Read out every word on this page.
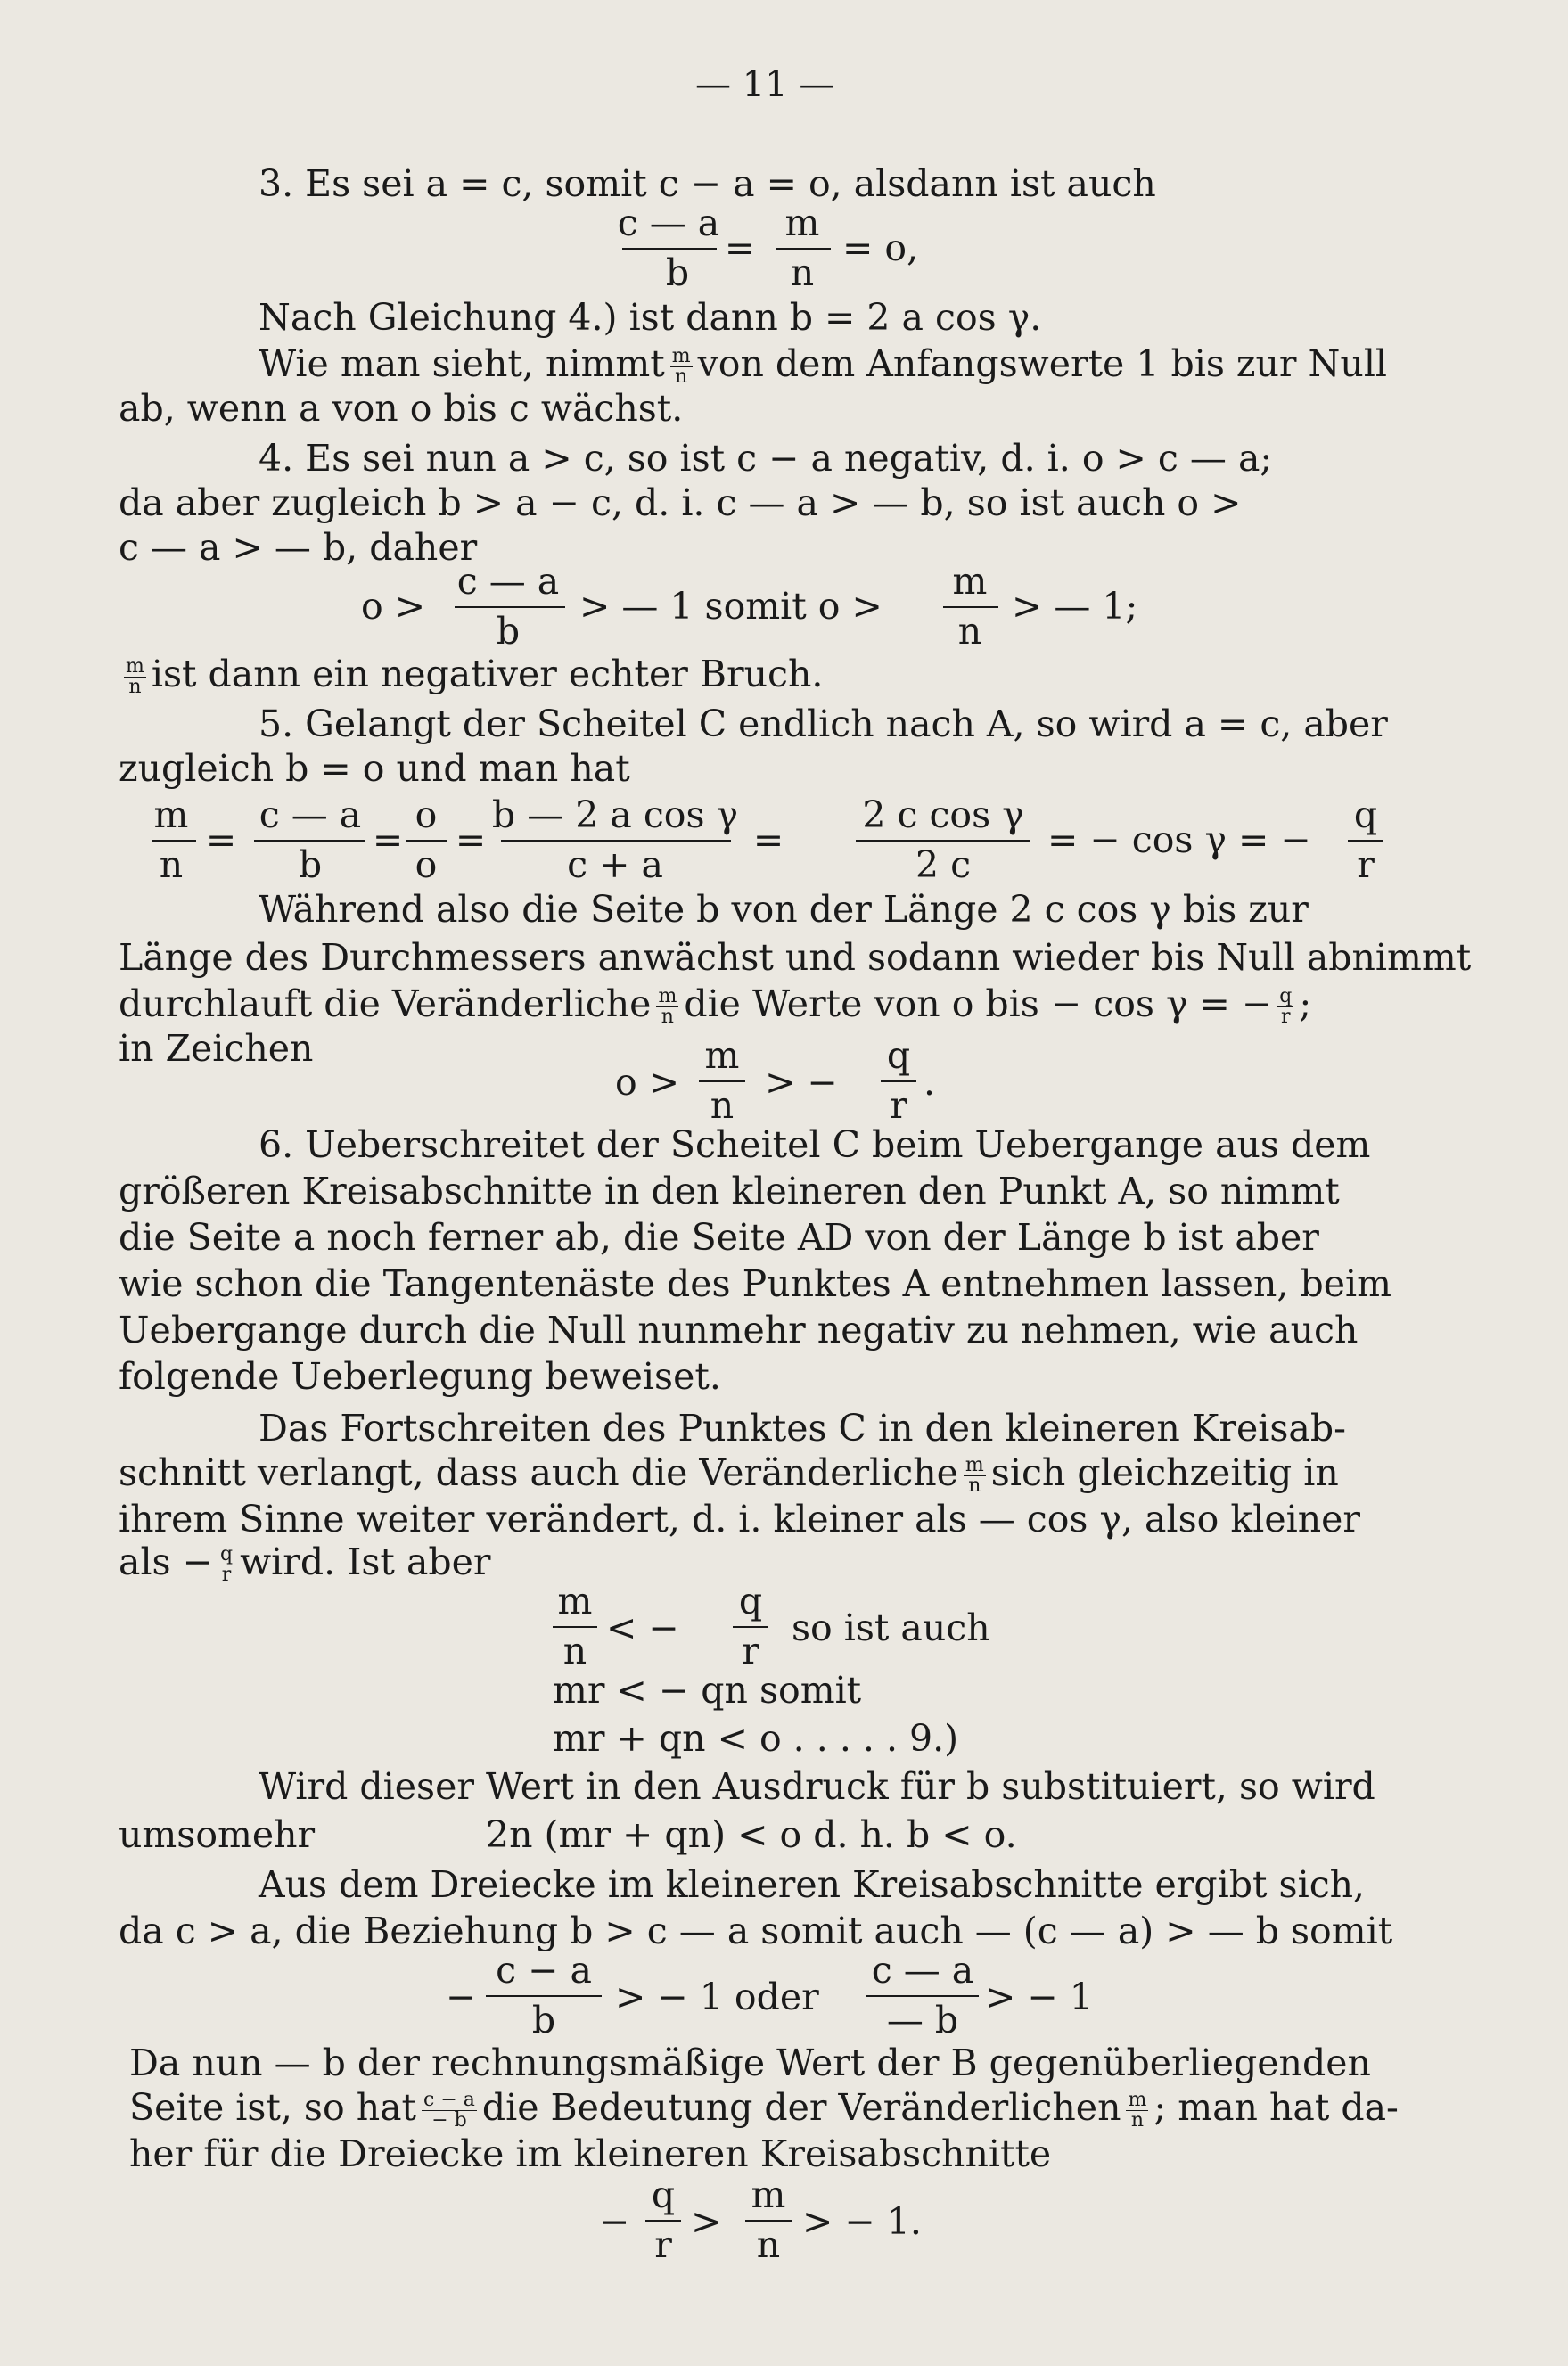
— 11 —
3. Es sei a = c, somit c − a = o, alsdann ist auch
c — a
b
=
m
n
= o,
Nach Gleichung 4.) ist dann b = 2 a cos γ.
Wie man sieht, nimmt $\frac{m}{n}$ von dem Anfangswerte 1 bis zur Null
ab, wenn a von o bis c wächst.
4. Es sei nun a > c, so ist c − a negativ, d. i. o > c — a;
da aber zugleich b > a − c, d. i. c — a > — b, so ist auch o >
c — a > — b, daher
o >
c — a
b
> — 1 somit o >
m
n
> — 1;
$\frac{m}{n}$ ist dann ein negativer echter Bruch.
5. Gelangt der Scheitel C endlich nach A, so wird a = c, aber
zugleich b = o und man hat
m
n
=
c — a
b
=
o
o
=
b — 2 a cos γ
c + a
=
2 c cos γ
2 c
= − cos γ = −
q
r
Während also die Seite b von der Länge 2 c cos γ bis zur
Länge des Durchmessers anwächst und sodann wieder bis Null abnimmt
durchlauft die Veränderliche $\frac{m}{n}$ die Werte von o bis − cos γ = − $\frac{q}{r}$ ;
in Zeichen
o >
m
n
> −
q
r
.
6. Ueberschreitet der Scheitel C beim Uebergange aus dem
größeren Kreisabschnitte in den kleineren den Punkt A, so nimmt
die Seite a noch ferner ab, die Seite AD von der Länge b ist aber
wie schon die Tangentenäste des Punktes A entnehmen lassen, beim
Uebergange durch die Null nunmehr negativ zu nehmen, wie auch
folgende Ueberlegung beweiset.
Das Fortschreiten des Punktes C in den kleineren Kreisab-
schnitt verlangt, dass auch die Veränderliche $\frac{m}{n}$ sich gleichzeitig in
ihrem Sinne weiter verändert, d. i. kleiner als — cos γ, also kleiner
als − $\frac{q}{r}$ wird. Ist aber
m
n
< −
q
r
so ist auch
mr < − qn somit
mr + qn < o . . . . . 9.)
Wird dieser Wert in den Ausdruck für b substituiert, so wird
umsomehr	2n (mr + qn) < o d. h. b < o.
Aus dem Dreiecke im kleineren Kreisabschnitte ergibt sich,
da c > a, die Beziehung b > c — a somit auch — (c — a) > — b somit
−
c − a
b
> − 1 oder
c — a
— b
> − 1
Da nun — b der rechnungsmäßige Wert der B gegenüberliegenden
Seite ist, so hat $\frac{c - a}{- b}$ die Bedeutung der Veränderlichen $\frac{m}{n}$ ; man hat da-
her für die Dreiecke im kleineren Kreisabschnitte
−
q
r
>
m
n
> − 1.
